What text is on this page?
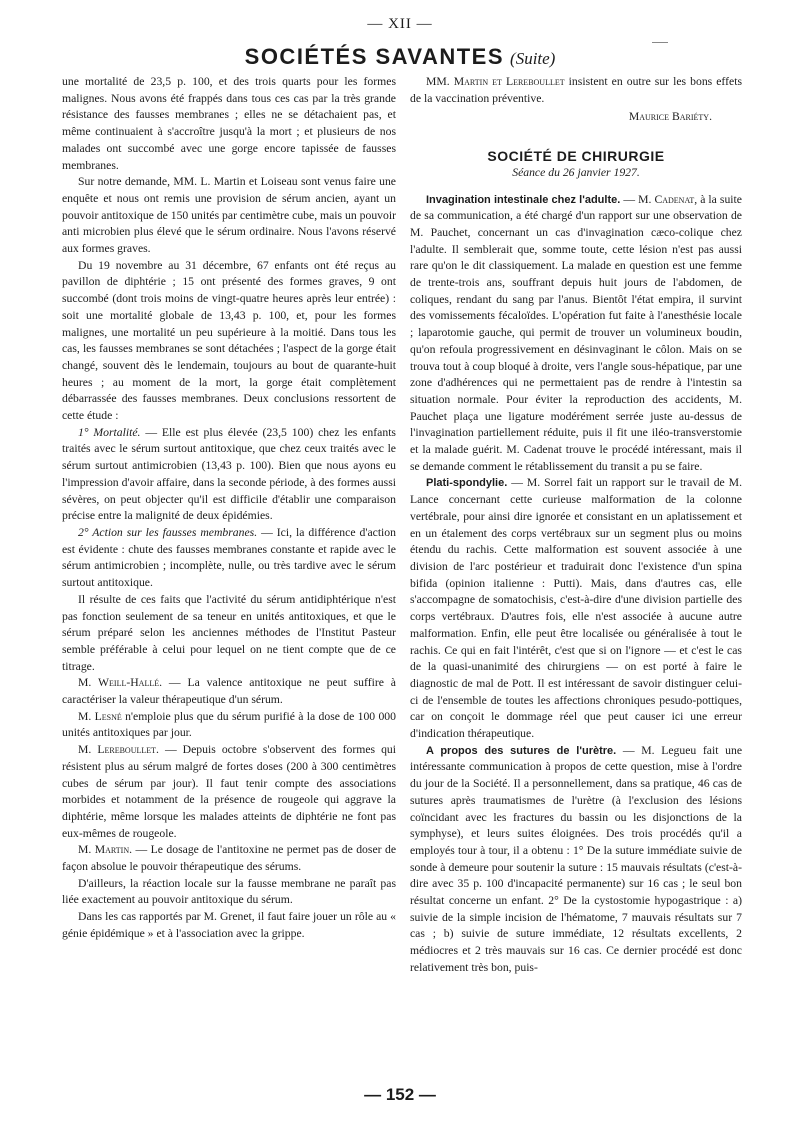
— XII —
SOCIÉTÉS SAVANTES (Suite)

une mortalité de 23,5 p. 100, et des trois quarts pour les formes malignes. Nous avons été frappés dans tous ces cas par la très grande résistance des fausses membranes ; elles ne se détachaient pas, et même continuaient à s'accroître jusqu'à la mort ; et plusieurs de nos malades ont succombé avec une gorge encore tapissée de fausses membranes.

Sur notre demande, MM. L. Martin et Loiseau sont venus faire une enquête et nous ont remis une provision de sérum ancien, ayant un pouvoir antitoxique de 150 unités par centimètre cube, mais un pouvoir anti microbien plus élevé que le sérum ordinaire. Nous l'avons réservé aux formes graves.

Du 19 novembre au 31 décembre, 67 enfants ont été reçus au pavillon de diphtérie ; 15 ont présenté des formes graves, 9 ont succombé (dont trois moins de vingt-quatre heures après leur entrée) : soit une mortalité globale de 13,43 p. 100, et, pour les formes malignes, une mortalité un peu supérieure à la moitié. Dans tous les cas, les fausses membranes se sont détachées ; l'aspect de la gorge était changé, souvent dès le lendemain, toujours au bout de quarante-huit heures ; au moment de la mort, la gorge était complètement débarrassée des fausses membranes. Deux conclusions ressortent de cette étude :

1° Mortalité. — Elle est plus élevée (23,5 100) chez les enfants traités avec le sérum surtout antitoxique, que chez ceux traités avec le sérum surtout antimicrobien (13,43 p. 100). Bien que nous ayons eu l'impression d'avoir affaire, dans la seconde période, à des formes aussi sévères, on peut objecter qu'il est difficile d'établir une comparaison précise entre la malignité de deux épidémies.

2° Action sur les fausses membranes. — Ici, la différence d'action est évidente : chute des fausses membranes constante et rapide avec le sérum antimicrobien ; incomplète, nulle, ou très tardive avec le sérum surtout antitoxique.

Il résulte de ces faits que l'activité du sérum antidiphtérique n'est pas fonction seulement de sa teneur en unités antitoxiques, et que le sérum préparé selon les anciennes méthodes de l'Institut Pasteur semble préférable à celui pour lequel on ne tient compte que de ce titrage.

M. Weill-Hallé. — La valence antitoxique ne peut suffire à caractériser la valeur thérapeutique d'un sérum.

M. Lesné n'emploie plus que du sérum purifié à la dose de 100 000 unités antitoxiques par jour.

M. Lereboullet. — Depuis octobre s'observent des formes qui résistent plus au sérum malgré de fortes doses (200 à 300 centimètres cubes de sérum par jour). Il faut tenir compte des associations morbides et notamment de la présence de rougeole qui aggrave la diphtérie, même lorsque les malades atteints de diphtérie ne font pas eux-mêmes de rougeole.

M. Martin. — Le dosage de l'antitoxine ne permet pas de doser de façon absolue le pouvoir thérapeutique des sérums.

D'ailleurs, la réaction locale sur la fausse membrane ne paraît pas liée exactement au pouvoir antitoxique du sérum.

Dans les cas rapportés par M. Grenet, il faut faire jouer un rôle au « génie épidémique » et à l'association avec la grippe.

MM. Martin et Lereboullet insistent en outre sur les bons effets de la vaccination préventive.

Maurice Bariéty.
SOCIÉTÉ DE CHIRURGIE
Séance du 26 janvier 1927.

Invagination intestinale chez l'adulte. — M. Cadenat, à la suite de sa communication, a été chargé d'un rapport sur une observation de M. Pauchet, concernant un cas d'invagination cæco-colique chez l'adulte. Il semblerait que, somme toute, cette lésion n'est pas aussi rare qu'on le dit classiquement. La malade en question est une femme de trente-trois ans, souffrant depuis huit jours de l'abdomen, de coliques, rendant du sang par l'anus. Bientôt l'état empira, il survint des vomissements fécaloïdes. L'opération fut faite à l'anesthésie locale ; laparotomie gauche, qui permit de trouver un volumineux boudin, qu'on refoula progressivement en désinvaginant le côlon. Mais on se trouva tout à coup bloqué à droite, vers l'angle sous-hépatique, par une zone d'adhérences qui ne permettaient pas de rendre à l'intestin sa situation normale. Pour éviter la reproduction des accidents, M. Pauchet plaça une ligature modérément serrée juste au-dessus de l'invagination partiellement réduite, puis il fit une iléo-transverstomie et la malade guérit. M. Cadenat trouve le procédé intéressant, mais il se demande comment le rétablissement du transit a pu se faire.

Plati-spondylie. — M. Sorrel fait un rapport sur le travail de M. Lance concernant cette curieuse malformation de la colonne vertébrale, pour ainsi dire ignorée et consistant en un aplatissement et en un étalement des corps vertébraux sur un segment plus ou moins étendu du rachis. Cette malformation est souvent associée à une division de l'arc postérieur et traduirait donc l'existence d'un spina bifida (opinion italienne : Putti). Mais, dans d'autres cas, elle s'accompagne de somatochisis, c'est-à-dire d'une division partielle des corps vertébraux. D'autres fois, elle n'est associée à aucune autre malformation. Enfin, elle peut être localisée ou généralisée à tout le rachis. Ce qui en fait l'intérêt, c'est que si on l'ignore — et c'est le cas de la quasi-unanimité des chirurgiens — on est porté à faire le diagnostic de mal de Pott. Il est intéressant de savoir distinguer celui-ci de l'ensemble de toutes les affections chroniques pesudo-pottiques, car on conçoit le dommage réel que peut causer ici une erreur d'indication thérapeutique.

A propos des sutures de l'urètre. — M. Legueu fait une intéressante communication à propos de cette question, mise à l'ordre du jour de la Société. Il a personnellement, dans sa pratique, 46 cas de sutures après traumatismes de l'urètre (à l'exclusion des lésions coïncidant avec les fractures du bassin ou les disjonctions de la symphyse), et leurs suites éloignées. Des trois procédés qu'il a employés tour à tour, il a obtenu : 1° De la suture immédiate suivie de sonde à demeure pour soutenir la suture : 15 mauvais résultats (c'est-à-dire avec 35 p. 100 d'incapacité permanente) sur 16 cas ; le seul bon résultat concerne un enfant. 2° De la cystostomie hypogastrique : a) suivie de la simple incision de l'hématome, 7 mauvais résultats sur 7 cas ; b) suivie de suture immédiate, 12 résultats excellents, 2 médiocres et 2 très mauvais sur 16 cas. Ce dernier procédé est donc relativement très bon, puis-

— 152 —
